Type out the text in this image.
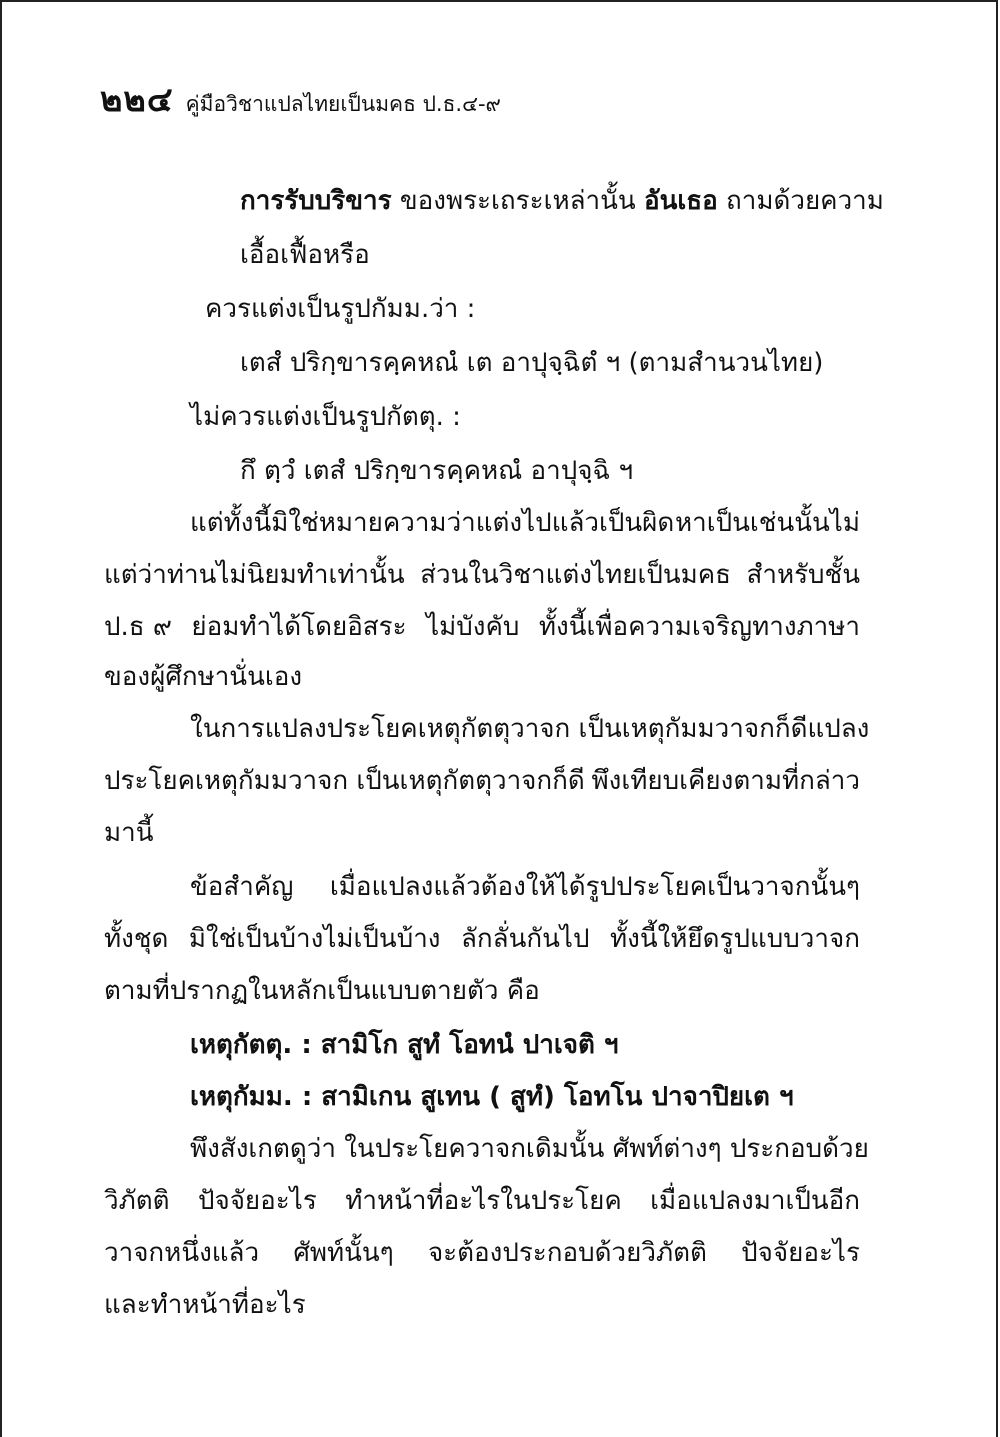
๒๒๔ คู่มือวิชาแปลไทยเป็นมคธ ป.ธ.๔-๙
การรับบริขาร ของพระเถระเหล่านั้น อันเธอ ถามด้วยความ
เอื้อเฟื้อหรือ
ควรแต่งเป็นรูปกัมม.ว่า :
เตสํ ปริกฺขารคฺคหณํ เต อาปุจฺฉิตํ ฯ (ตามสำนวนไทย)
ไม่ควรแต่งเป็นรูปกัตตุ. :
กึ ตฺวํ เตสํ ปริกฺขารคฺคหณํ อาปุจฺฉิ ฯ
แต่ทั้งนี้มิใช่หมายความว่าแต่งไปแล้วเป็นผิด หาเป็นเช่นนั้นไม่
แต่ว่าท่านไม่นิยมทำเท่านั้น ส่วนในวิชาแต่งไทยเป็นมคธ สำหรับชั้น
ป.ธ ๙ ย่อมทำได้โดยอิสระ ไม่บังคับ ทั้งนี้เพื่อความเจริญทางภาษา
ของผู้ศึกษานั่นเอง
ในการแปลงประโยคเหตุกัตตุวาจก เป็นเหตุกัมมวาจกก็ดี แปลง
ประโยคเหตุกัมมวาจก เป็นเหตุกัตตุวาจกก็ดี พึงเทียบเคียงตามที่กล่าว
มานี้
ข้อสำคัญ เมื่อแปลงแล้วต้องให้ได้รูปประโยคเป็นวาจกนั้นๆ
ทั้งชุด มิใช่เป็นบ้างไม่เป็นบ้าง ลักลั่นกันไป ทั้งนี้ให้ยึดรูปแบบวาจก
ตามที่ปรากฏในหลักเป็นแบบตายตัว คือ
เหตุกัตตุ. : สามิโก สูทํ โอทนํ ปาเจติ ฯ
เหตุกัมม. : สามิเกน สูเทน ( สูทํ) โอทโน ปาจาปิยเต ฯ
พึงสังเกตดูว่า ในประโยควาจกเดิมนั้น ศัพท์ต่างๆ ประกอบ ด้วย
วิภัตติ ปัจจัยอะไร ทำหน้าที่อะไรในประโยค เมื่อแปลงมาเป็นอีก
วาจกหนึ่งแล้ว ศัพท์นั้นๆ จะต้องประกอบด้วยวิภัตติ ปัจจัยอะไร
และทำหน้าที่อะไร
